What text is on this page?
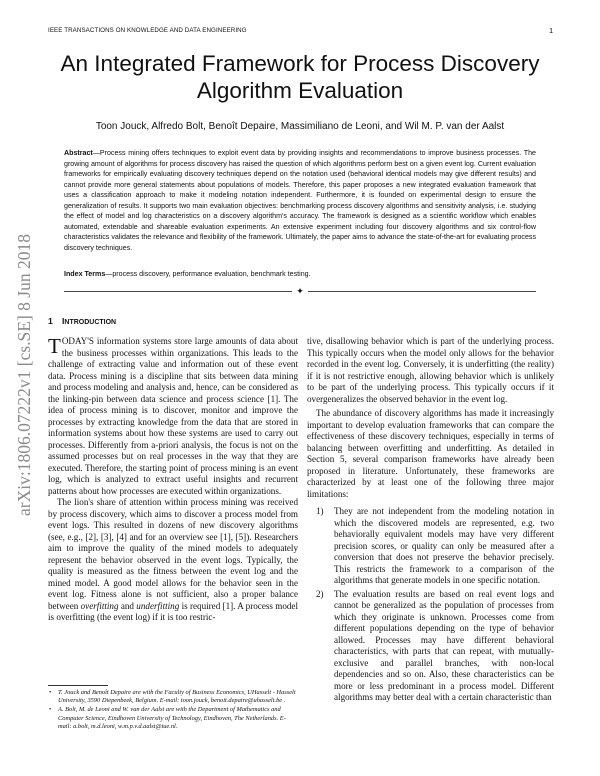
IEEE TRANSACTIONS ON KNOWLEDGE AND DATA ENGINEERING	1
An Integrated Framework for Process Discovery Algorithm Evaluation
Toon Jouck, Alfredo Bolt, Benoît Depaire, Massimiliano de Leoni, and Wil M. P. van der Aalst
Abstract—Process mining offers techniques to exploit event data by providing insights and recommendations to improve business processes. The growing amount of algorithms for process discovery has raised the question of which algorithms perform best on a given event log. Current evaluation frameworks for empirically evaluating discovery techniques depend on the notation used (behavioral identical models may give different results) and cannot provide more general statements about populations of models. Therefore, this paper proposes a new integrated evaluation framework that uses a classification approach to make it modeling notation independent. Furthermore, it is founded on experimental design to ensure the generalization of results. It supports two main evaluation objectives: benchmarking process discovery algorithms and sensitivity analysis, i.e. studying the effect of model and log characteristics on a discovery algorithm's accuracy. The framework is designed as a scientific workflow which enables automated, extendable and shareable evaluation experiments. An extensive experiment including four discovery algorithms and six control-flow characteristics validates the relevance and flexibility of the framework. Ultimately, the paper aims to advance the state-of-the-art for evaluating process discovery techniques.
Index Terms—process discovery, performance evaluation, benchmark testing.
✦
1 INTRODUCTION

TODAY'S information systems store large amounts of data about the business processes within organizations. This leads to the challenge of extracting value and information out of these event data. Process mining is a discipline that sits between data mining and process modeling and analysis and, hence, can be considered as the linking-pin between data science and process science [1]. The idea of process mining is to discover, monitor and improve the processes by extracting knowledge from the data that are stored in information systems about how these systems are used to carry out processes. Differently from a-priori analysis, the focus is not on the assumed processes but on real processes in the way that they are executed. Therefore, the starting point of process mining is an event log, which is analyzed to extract useful insights and recurrent patterns about how processes are executed within organizations.

The lion's share of attention within process mining was received by process discovery, which aims to discover a process model from event logs. This resulted in dozens of new discovery algorithms (see, e.g., [2], [3], [4] and for an overview see [1], [5]). Researchers aim to improve the quality of the mined models to adequately represent the behavior observed in the event logs. Typically, the quality is measured as the fitness between the event log and the mined model. A good model allows for the behavior seen in the event log. Fitness alone is not sufficient, also a proper balance between overfitting and underfitting is required [1]. A process model is overfitting (the event log) if it is too restric-

tive, disallowing behavior which is part of the underlying process. This typically occurs when the model only allows for the behavior recorded in the event log. Conversely, it is underfitting (the reality) if it is not restrictive enough, allowing behavior which is unlikely to be part of the underlying process. This typically occurs if it overgeneralizes the observed behavior in the event log.

The abundance of discovery algorithms has made it increasingly important to develop evaluation frameworks that can compare the effectiveness of these discovery techniques, especially in terms of balancing between overfitting and underfitting. As detailed in Section 5, several comparison frameworks have already been proposed in literature. Unfortunately, these frameworks are characterized by at least one of the following three major limitations:

1) They are not independent from the modeling notation in which the discovered models are represented, e.g. two behaviorally equivalent models may have very different precision scores, or quality can only be measured after a conversion that does not preserve the behavior precisely. This restricts the framework to a comparison of the algorithms that generate models in one specific notation.
2) The evaluation results are based on real event logs and cannot be generalized as the population of processes from which they originate is unknown. Processes come from different populations depending on the type of behavior allowed. Processes may have different behavioral characteristics, with parts that can repeat, with mutually-exclusive and parallel branches, with non-local dependencies and so on. Also, these characteristics can be more or less predominant in a process model. Different algorithms may better deal with a certain characteristic than
• T. Jouck and Benoît Depaire are with the Faculty of Business Economics, UHasselt - Hasselt University, 3590 Diepenbeek, Belgium. E-mail: toon.jouck, benoit.depaire@uhasselt.be .
• A. Bolt, M. de Leoni and W. van der Aalst are with the Department of Mathematics and Computer Science, Eindhoven University of Technology, Eindhoven, The Netherlands. E-mail: a.bolt, m.d.leoni, w.m.p.v.d.aalst@tue.nl.
arXiv:1806.07222v1 [cs.SE] 8 Jun 2018
